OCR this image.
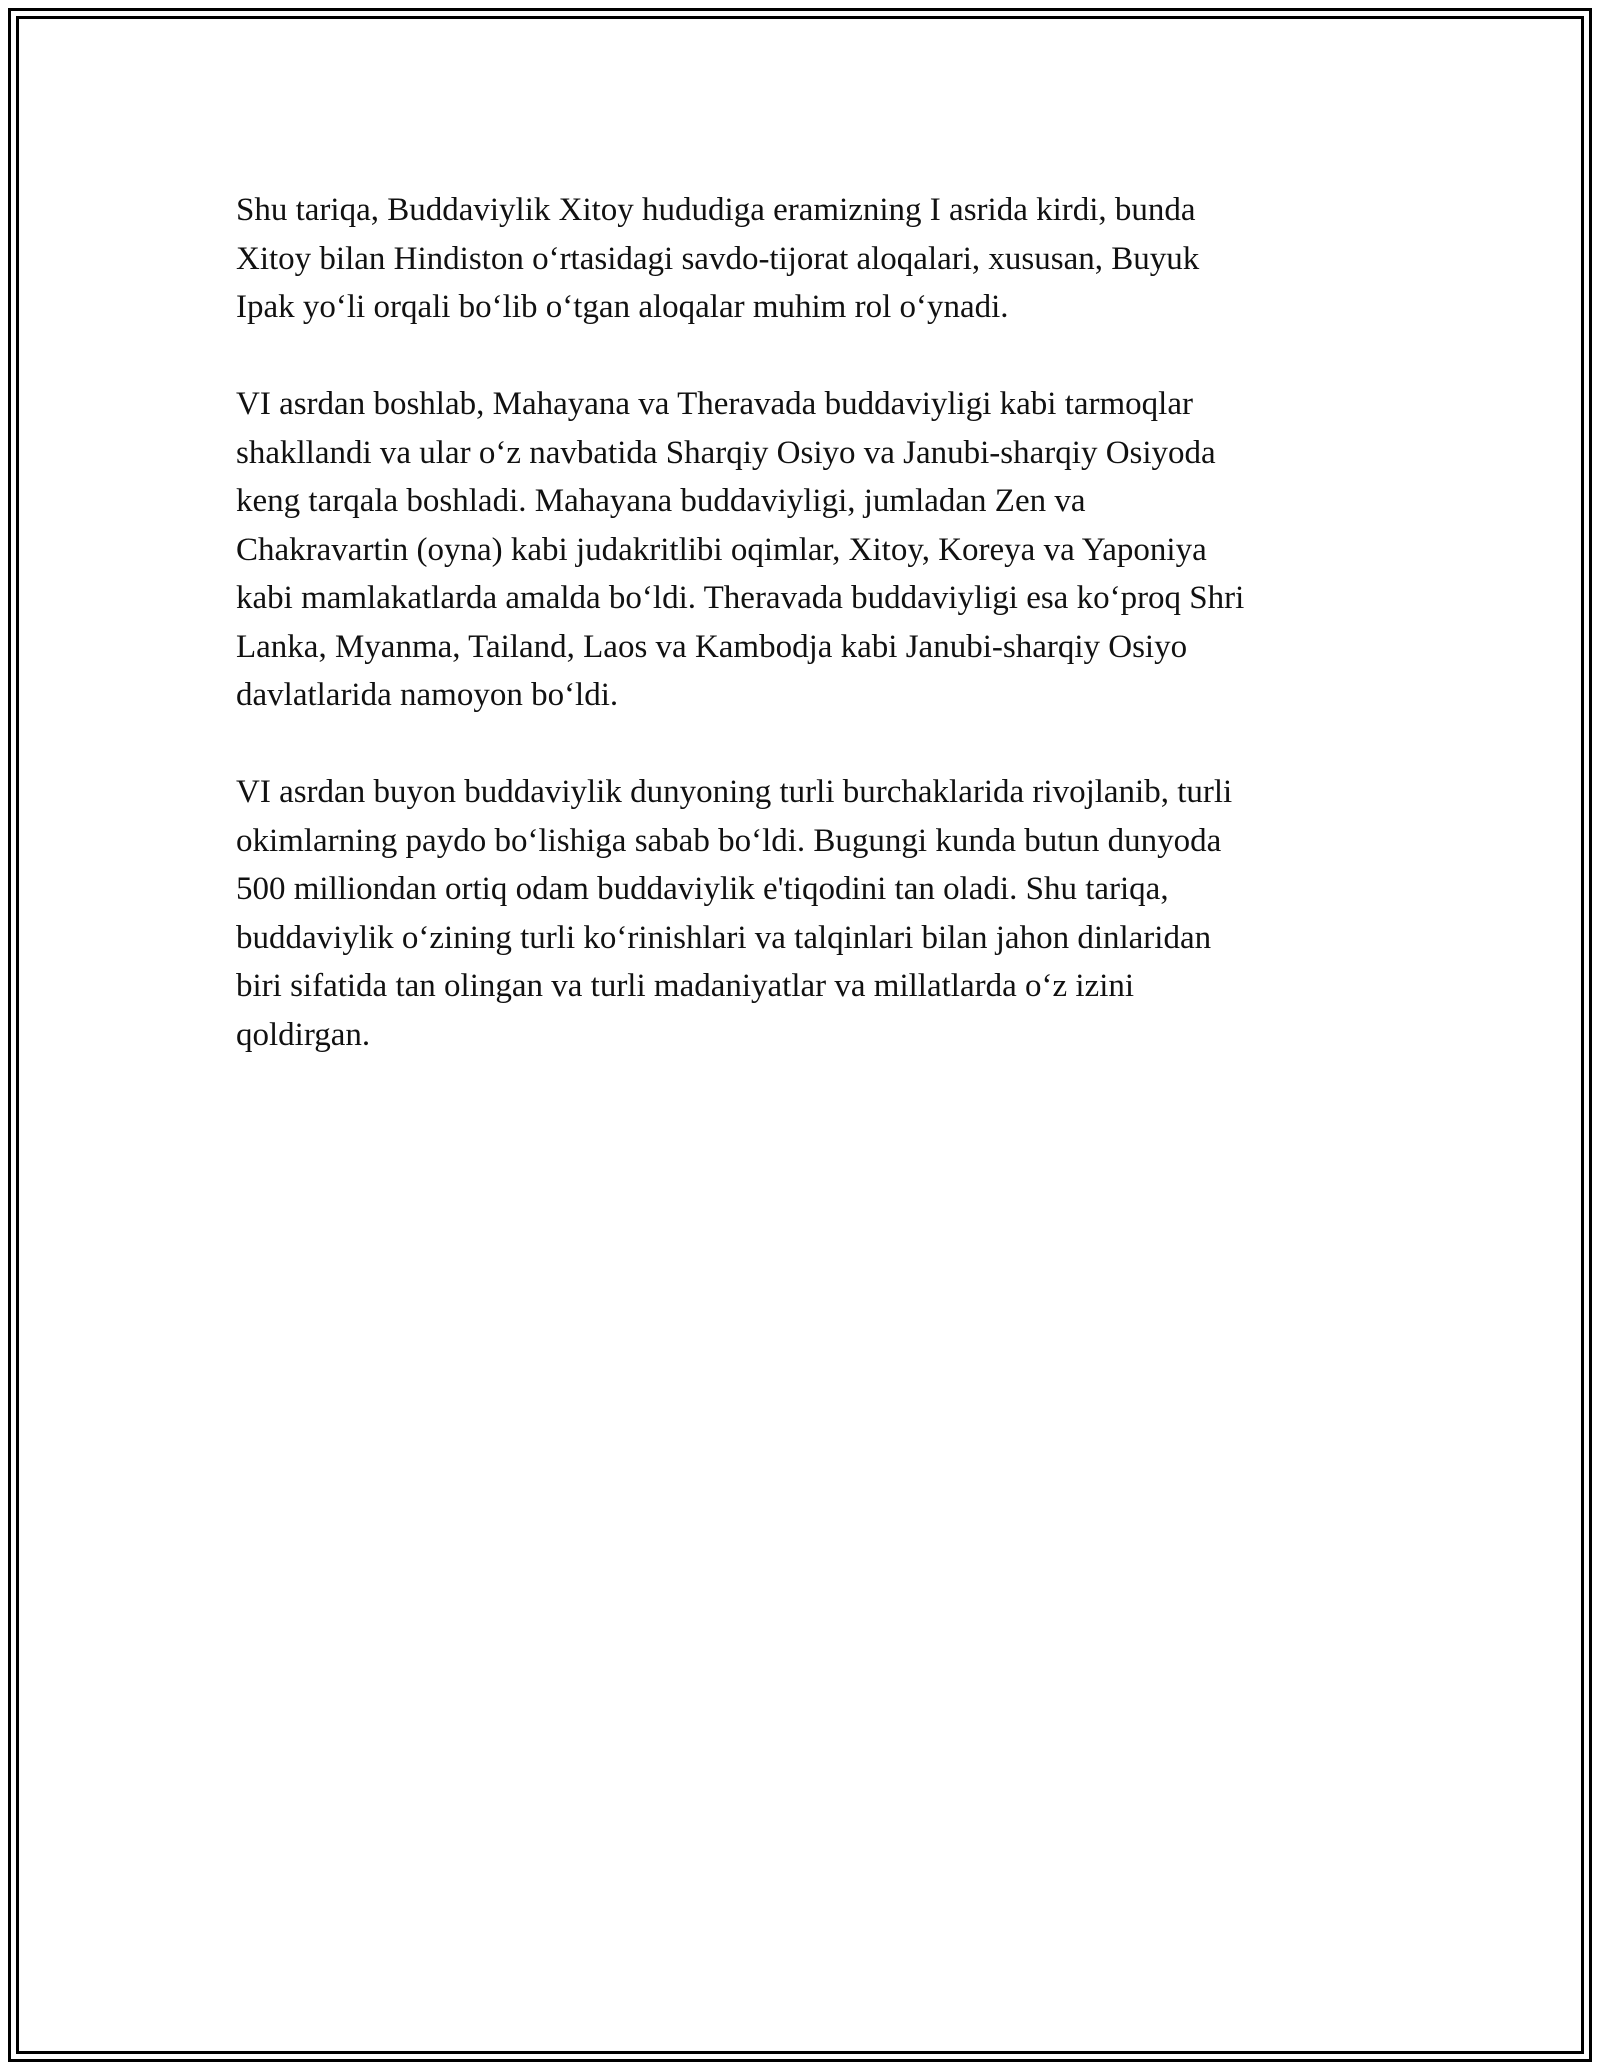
Shu tariqa, Buddaviylik Xitoy hududiga eramizning I asrida kirdi, bunda
Xitoy bilan Hindiston o‘rtasidagi savdo-tijorat aloqalari, xususan, Buyuk
Ipak yo‘li orqali bo‘lib o‘tgan aloqalar muhim rol o‘ynadi.

VI asrdan boshlab, Mahayana va Theravada buddaviyligi kabi tarmoqlar
shakllandi va ular o‘z navbatida Sharqiy Osiyo va Janubi-sharqiy Osiyoda
keng tarqala boshladi. Mahayana buddaviyligi, jumladan Zen va
Chakravartin (oyna) kabi judakritlibi oqimlar, Xitoy, Koreya va Yaponiya
kabi mamlakatlarda amalda bo‘ldi. Theravada buddaviyligi esa ko‘proq Shri
Lanka, Myanma, Tailand, Laos va Kambodja kabi Janubi-sharqiy Osiyo
davlatlarida namoyon bo‘ldi.

VI asrdan buyon buddaviylik dunyoning turli burchaklarida rivojlanib, turli
okimlarning paydo bo‘lishiga sabab bo‘ldi. Bugungi kunda butun dunyoda
500 milliondan ortiq odam buddaviylik e'tiqodini tan oladi. Shu tariqa,
buddaviylik o‘zining turli ko‘rinishlari va talqinlari bilan jahon dinlaridan
biri sifatida tan olingan va turli madaniyatlar va millatlarda o‘z izini
qoldirgan.
